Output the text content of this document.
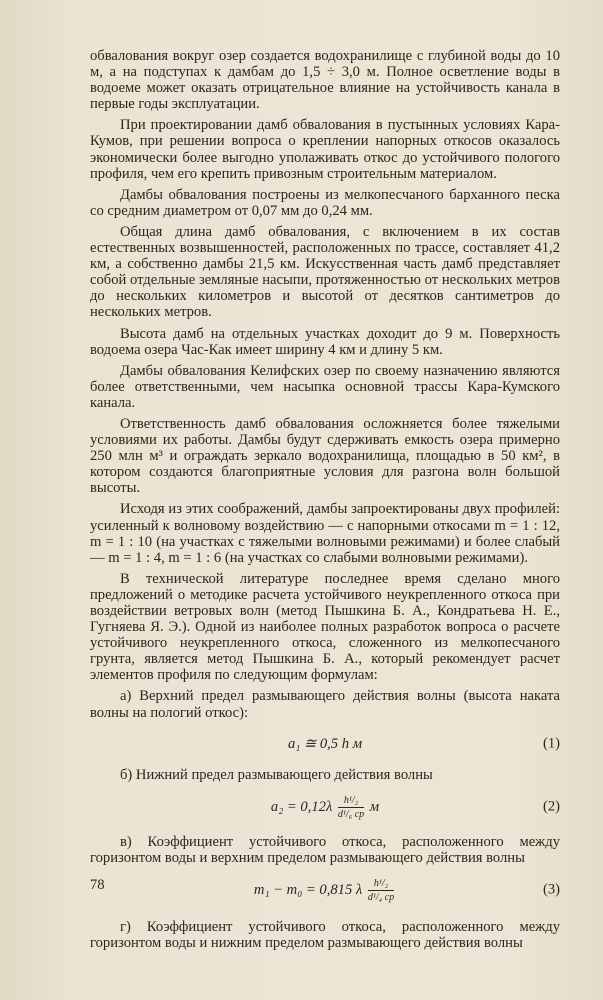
обвалования вокруг озер создается водохранилище с глубиной воды до 10 м, а на подступах к дамбам до 1,5 ÷ 3,0 м. Полное осветление воды в водоеме может оказать отрицательное влияние на устойчивость канала в первые годы эксплуатации.

При проектировании дамб обвалования в пустынных условиях Кара-Кумов, при решении вопроса о креплении напорных откосов оказалось экономически более выгодно уполаживать откос до устойчивого пологого профиля, чем его крепить привозным строительным материалом.

Дамбы обвалования построены из мелкопесчаного барханного песка со средним диаметром от 0,07 мм до 0,24 мм.

Общая длина дамб обвалования, с включением в их состав естественных возвышенностей, расположенных по трассе, составляет 41,2 км, а собственно дамбы 21,5 км. Искусственная часть дамб представляет собой отдельные земляные насыпи, протяженностью от нескольких метров до нескольких километров и высотой от десятков сантиметров до нескольких метров.

Высота дамб на отдельных участках доходит до 9 м. Поверхность водоема озера Час-Как имеет ширину 4 км и длину 5 км.

Дамбы обвалования Келифских озер по своему назначению являются более ответственными, чем насыпка основной трассы Кара-Кумского канала.

Ответственность дамб обвалования осложняется более тяжелыми условиями их работы. Дамбы будут сдерживать емкость озера примерно 250 млн м³ и ограждать зеркало водохранилища, площадью в 50 км², в котором создаются благоприятные условия для разгона волн большой высоты.

Исходя из этих соображений, дамбы запроектированы двух профилей: усиленный к волновому воздействию — с напорными откосами m = 1 : 12, m = 1 : 10 (на участках с тяжелыми волновыми режимами) и более слабый — m = 1 : 4, m = 1 : 6 (на участках со слабыми волновыми режимами).

В технической литературе последнее время сделано много предложений о методике расчета устойчивого неукрепленного откоса при воздействии ветровых волн (метод Пышкина Б. А., Кондратьева Н. Е., Гугняева Я. Э.). Одной из наиболее полных разработок вопроса о расчете устойчивого неукрепленного откоса, сложенного из мелкопесчаного грунта, является метод Пышкина Б. А., который рекомендует расчет элементов профиля по следующим формулам:

а) Верхний предел размывающего действия волны (высота наката волны на пологий откос):

a₁ ≅ 0,5 h м	(1)

б) Нижний предел размывающего действия волны

$a_2 = 0,12\lambda \frac{\text{h¹/₂}}{\text{d¹/₆ ср}}$ м	(2)

в) Коэффициент устойчивого откоса, расположенного между горизонтом воды и верхним пределом размывающего действия волны

m₁ − m₀ = 0,815 λ $\frac{\text{h¹/₂}}{\text{d¹/₄ ср}}$	(3)

г) Коэффициент устойчивого откоса, расположенного между горизонтом воды и нижним пределом размывающего действия волны

78
